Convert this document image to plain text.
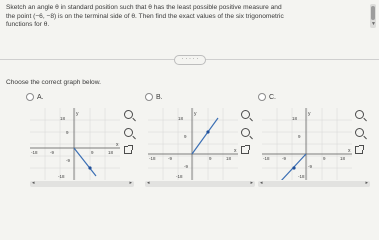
Sketch an angle θ in standard position such that θ has the least possible positive measure and
the point (−6, −8) is on the terminal side of θ. Then find the exact values of the six trigonometric
functions for θ.	▼
· · · · ·
Choose the correct graph below.
A.	B.	C.
y
x
18
-18
-18	18
-9	9
9
-9
y
x
18
-18
-18	18
-9	9
9
-9
y
x
18
-18
-18	18
-9	9
9
-9
◂	▸	◂	▸ ◂	▸
